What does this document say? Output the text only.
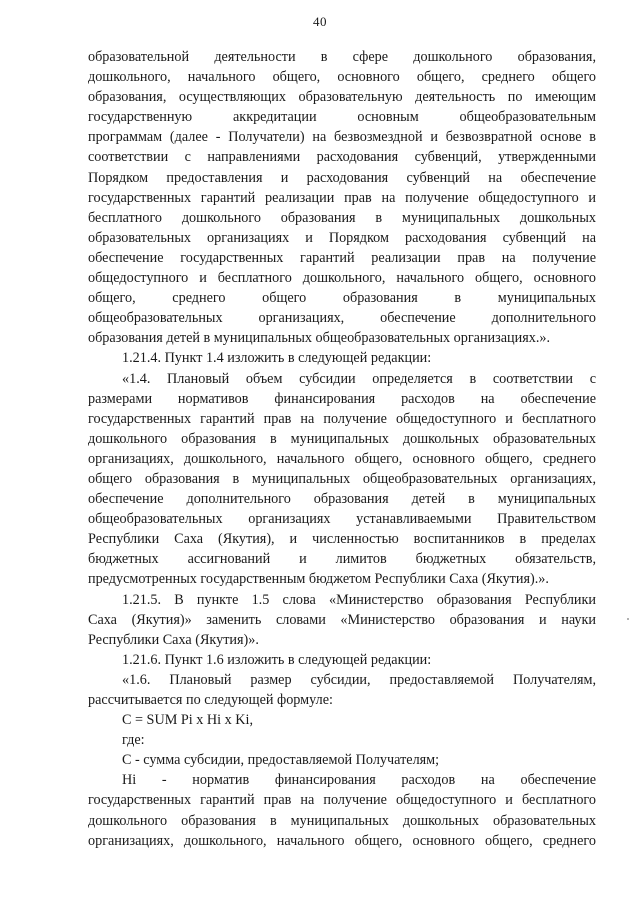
40
образовательной деятельности в сфере дошкольного образования,
дошкольного, начального общего, основного общего, среднего общего
образования, осуществляющих образовательную деятельность по имеющим
государственную аккредитации основным общеобразовательным
программам (далее - Получатели) на безвозмездной и безвозвратной основе в
соответствии с направлениями расходования субвенций, утвержденными
Порядком предоставления и расходования субвенций на обеспечение
государственных гарантий реализации прав на получение общедоступного и
бесплатного дошкольного образования в муниципальных дошкольных
образовательных организациях и Порядком расходования субвенций на
обеспечение государственных гарантий реализации прав на получение
общедоступного и бесплатного дошкольного, начального общего, основного
общего, среднего общего образования в муниципальных
общеобразовательных организациях, обеспечение дополнительного
образования детей в муниципальных общеобразовательных организациях.».
1.21.4. Пункт 1.4 изложить в следующей редакции:
«1.4. Плановый объем субсидии определяется в соответствии с
размерами нормативов финансирования расходов на обеспечение
государственных гарантий прав на получение общедоступного и бесплатного
дошкольного образования в муниципальных дошкольных образовательных
организациях, дошкольного, начального общего, основного общего, среднего
общего образования в муниципальных общеобразовательных организациях,
обеспечение дополнительного образования детей в муниципальных
общеобразовательных организациях устанавливаемыми Правительством
Республики Саха (Якутия), и численностью воспитанников в пределах
бюджетных ассигнований и лимитов бюджетных обязательств,
предусмотренных государственным бюджетом Республики Саха (Якутия).».
1.21.5. В пункте 1.5 слова «Министерство образования Республики
Саха (Якутия)» заменить словами «Министерство образования и науки
Республики Саха (Якутия)».
1.21.6. Пункт 1.6 изложить в следующей редакции:
«1.6. Плановый размер субсидии, предоставляемой Получателям,
рассчитывается по следующей формуле:
C = SUM Pi x Hi x Ki,
где:
С - сумма субсидии, предоставляемой Получателям;
Hi - норматив финансирования расходов на обеспечение
государственных гарантий прав на получение общедоступного и бесплатного
дошкольного образования в муниципальных дошкольных образовательных
организациях, дошкольного, начального общего, основного общего, среднего
